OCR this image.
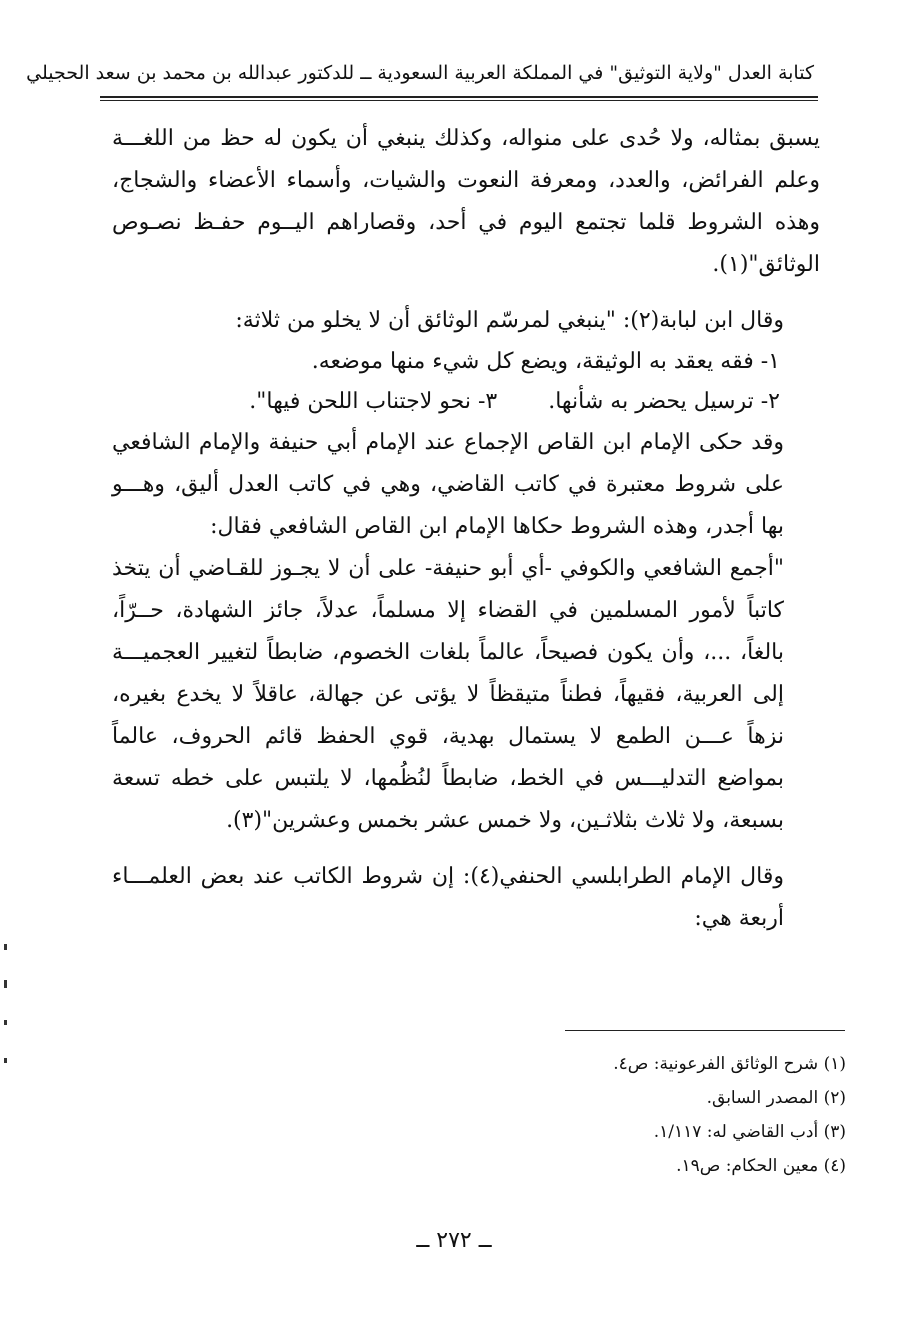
كتابة العدل "ولاية التوثيق" في المملكة العربية السعودية ــ للدكتور عبدالله بن محمد بن سعد الحجيلي

يسبق بمثاله، ولا حُدى على منواله، وكذلك ينبغي أن يكون له حظ من اللغـــة وعلم الفرائض، والعدد، ومعرفة النعوت والشيات، وأسماء الأعضاء والشجاج، وهذه الشروط قلما تجتمع اليوم في أحد، وقصاراهم اليــوم حفـظ نصـوص الوثائق"(١).

وقال ابن لبابة(٢): "ينبغي لمرسّم الوثائق أن لا يخلو من ثلاثة:

١- فقه يعقد به الوثيقة، ويضع كل شيء منها موضعه.

٢- ترسيل يحضر به شأنها. ٣- نحو لاجتناب اللحن فيها".

وقد حكى الإمام ابن القاص الإجماع عند الإمام أبي حنيفة والإمام الشافعي على شروط معتبرة في كاتب القاضي، وهي في كاتب العدل أليق، وهـــو بها أجدر، وهذه الشروط حكاها الإمام ابن القاص الشافعي فقال:

"أجمع الشافعي والكوفي -أي أبو حنيفة- على أن لا يجـوز للقـاضي أن يتخذ كاتباً لأمور المسلمين في القضاء إلا مسلماً، عدلاً، جائز الشهادة، حــرّاً، بالغاً، ...، وأن يكون فصيحاً، عالماً بلغات الخصوم، ضابطاً لتغيير العجميـــة إلى العربية، فقيهاً، فطناً متيقظاً لا يؤتى عن جهالة، عاقلاً لا يخدع بغيره، نزهاً عـــن الطمع لا يستمال بهدية، قوي الحفظ قائم الحروف، عالماً بمواضع التدليـــس في الخط، ضابطاً لنُظُمها، لا يلتبس على خطه تسعة بسبعة، ولا ثلاث بثلاثـين، ولا خمس عشر بخمس وعشرين"(٣).

وقال الإمام الطرابلسي الحنفي(٤): إن شروط الكاتب عند بعض العلمـــاء أربعة هي:

(١) شرح الوثائق الفرعونية: ص٤.

(٢) المصدر السابق.

(٣) أدب القاضي له: ١/١١٧.

(٤) معين الحكام: ص١٩.

ــ ٢٧٢ ــ
